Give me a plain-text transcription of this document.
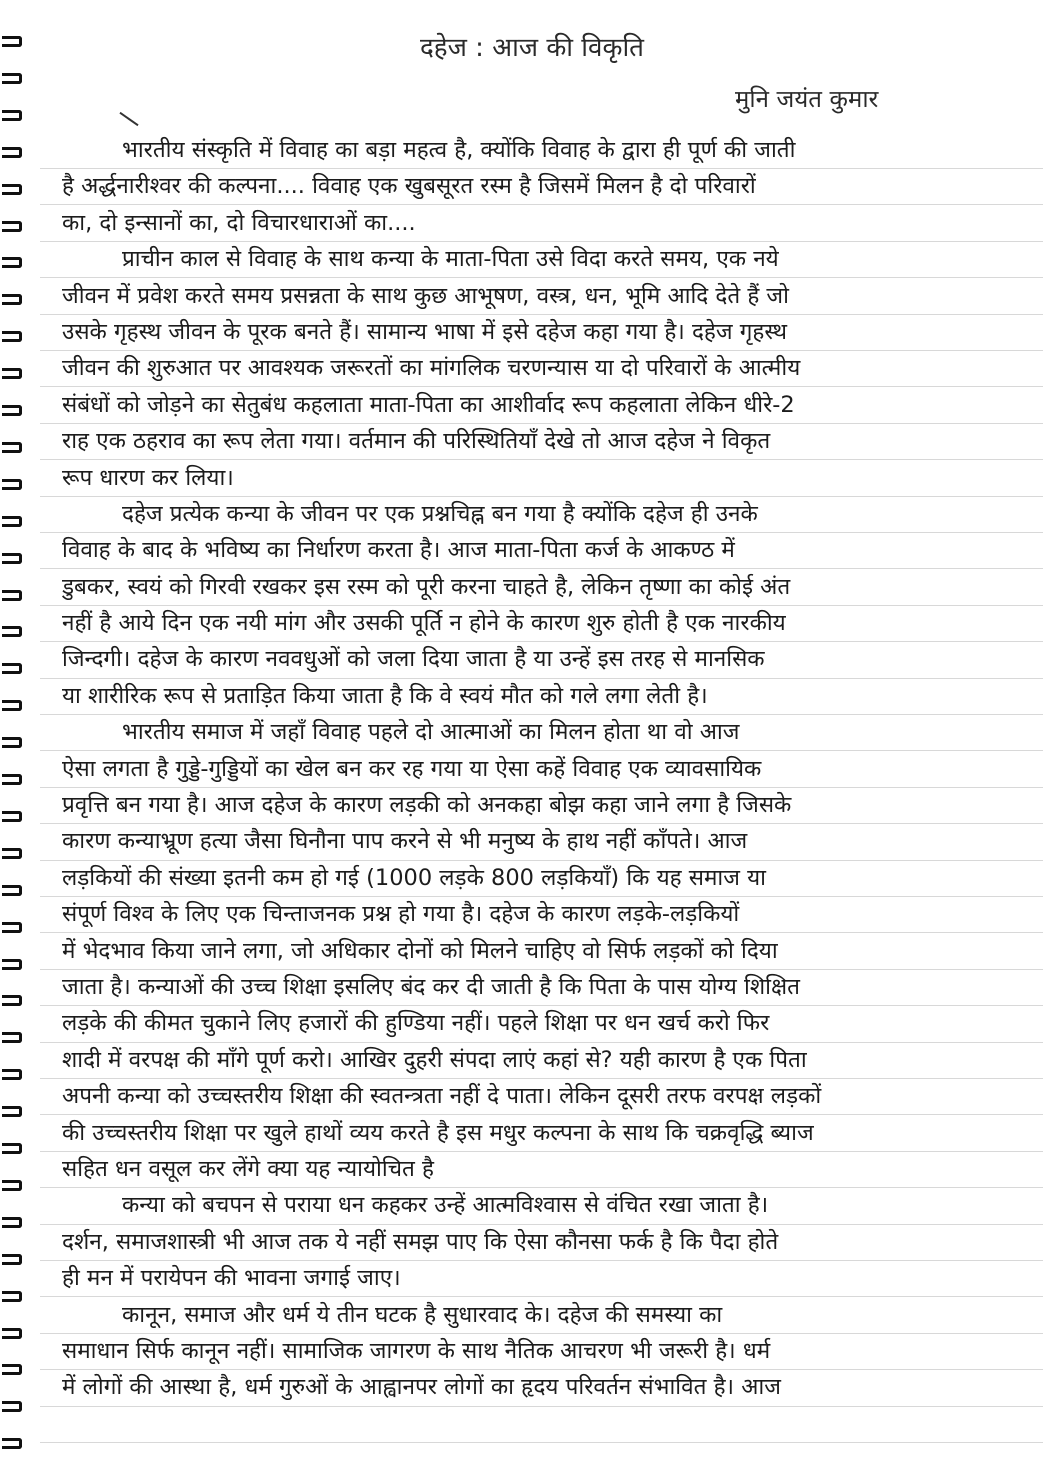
दहेज : आज की विकृति
मुनि जयंत कुमार
भारतीय संस्कृति में विवाह का बड़ा महत्व है, क्योंकि विवाह के द्वारा ही पूर्ण की जाती
है अर्द्धनारीश्वर की कल्पना.... विवाह एक खुबसूरत रस्म है जिसमें मिलन है दो परिवारों
का, दो इन्सानों का, दो विचारधाराओं का....
प्राचीन काल से विवाह के साथ कन्या के माता-पिता उसे विदा करते समय, एक नये
जीवन में प्रवेश करते समय प्रसन्नता के साथ कुछ आभूषण, वस्त्र, धन, भूमि आदि देते हैं जो
उसके गृहस्थ जीवन के पूरक बनते हैं। सामान्य भाषा में इसे दहेज कहा गया है। दहेज गृहस्थ
जीवन की शुरुआत पर आवश्यक जरूरतों का मांगलिक चरणन्यास या दो परिवारों के आत्मीय
संबंधों को जोड़ने का सेतुबंध कहलाता माता-पिता का आशीर्वाद रूप कहलाता लेकिन धीरे-2
राह एक ठहराव का रूप लेता गया। वर्तमान की परिस्थितियाँ देखे तो आज दहेज ने विकृत
रूप धारण कर लिया।
दहेज प्रत्येक कन्या के जीवन पर एक प्रश्नचिह्न बन गया है क्योंकि दहेज ही उनके
विवाह के बाद के भविष्य का निर्धारण करता है। आज माता-पिता कर्ज के आकण्ठ में
डुबकर, स्वयं को गिरवी रखकर इस रस्म को पूरी करना चाहते है, लेकिन तृष्णा का कोई अंत
नहीं है आये दिन एक नयी मांग और उसकी पूर्ति न होने के कारण शुरु होती है एक नारकीय
जिन्दगी। दहेज के कारण नववधुओं को जला दिया जाता है या उन्हें इस तरह से मानसिक
या शारीरिक रूप से प्रताड़ित किया जाता है कि वे स्वयं मौत को गले लगा लेती है।
भारतीय समाज में जहाँ विवाह पहले दो आत्माओं का मिलन होता था वो आज
ऐसा लगता है गुड्डे-गुड्डियों का खेल बन कर रह गया या ऐसा कहें विवाह एक व्यावसायिक
प्रवृत्ति बन गया है। आज दहेज के कारण लड़की को अनकहा बोझ कहा जाने लगा है जिसके
कारण कन्याभ्रूण हत्या जैसा घिनौना पाप करने से भी मनुष्य के हाथ नहीं काँपते। आज
लड़कियों की संख्या इतनी कम हो गई (1000 लड़के 800 लड़कियाँ) कि यह समाज या
संपूर्ण विश्व के लिए एक चिन्ताजनक प्रश्न हो गया है। दहेज के कारण लड़के-लड़कियों
में भेदभाव किया जाने लगा, जो अधिकार दोनों को मिलने चाहिए वो सिर्फ लड़कों को दिया
जाता है। कन्याओं की उच्च शिक्षा इसलिए बंद कर दी जाती है कि पिता के पास योग्य शिक्षित
लड़के की कीमत चुकाने लिए हजारों की हुण्डिया नहीं। पहले शिक्षा पर धन खर्च करो फिर
शादी में वरपक्ष की माँगे पूर्ण करो। आखिर दुहरी संपदा लाएं कहां से? यही कारण है एक पिता
अपनी कन्या को उच्चस्तरीय शिक्षा की स्वतन्त्रता नहीं दे पाता। लेकिन दूसरी तरफ वरपक्ष लड़कों
की उच्चस्तरीय शिक्षा पर खुले हाथों व्यय करते है इस मधुर कल्पना के साथ कि चक्रवृद्धि ब्याज
सहित धन वसूल कर लेंगे क्या यह न्यायोचित है
कन्या को बचपन से पराया धन कहकर उन्हें आत्मविश्वास से वंचित रखा जाता है।
दर्शन, समाजशास्त्री भी आज तक ये नहीं समझ पाए कि ऐसा कौनसा फर्क है कि पैदा होते
ही मन में परायेपन की भावना जगाई जाए।
कानून, समाज और धर्म ये तीन घटक है सुधारवाद के। दहेज की समस्या का
समाधान सिर्फ कानून नहीं। सामाजिक जागरण के साथ नैतिक आचरण भी जरूरी है। धर्म
में लोगों की आस्था है, धर्म गुरुओं के आह्वानपर लोगों का हृदय परिवर्तन संभावित है। आज
